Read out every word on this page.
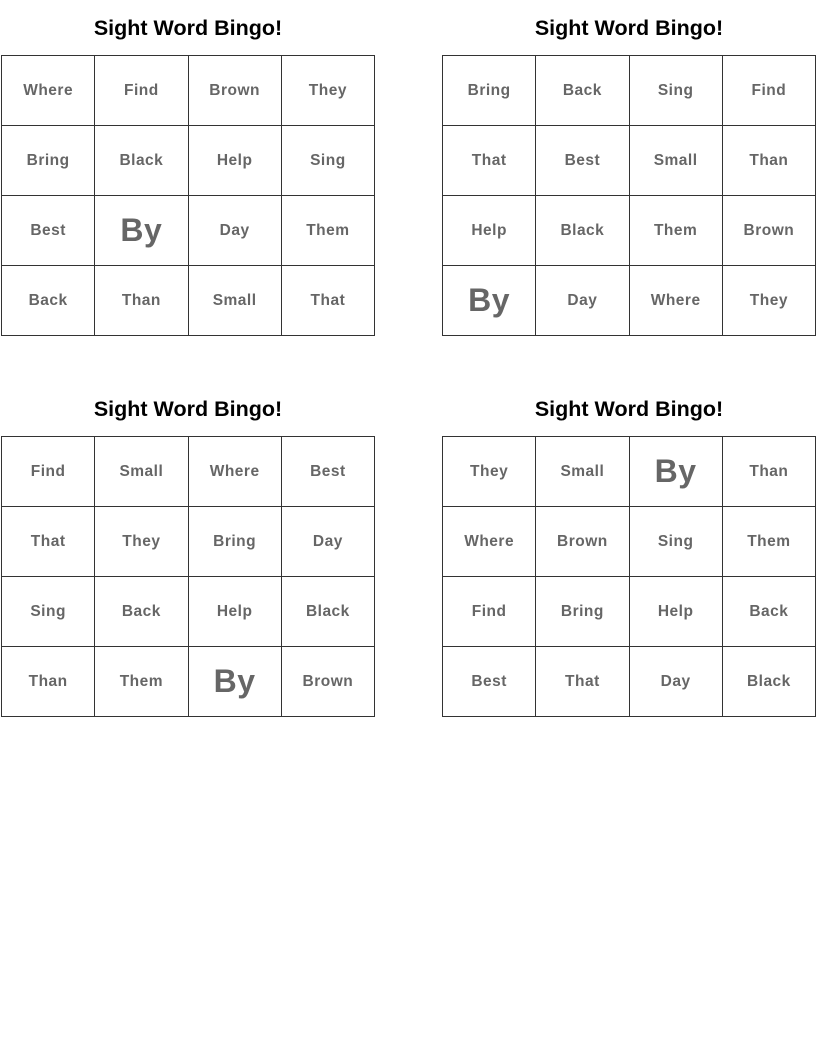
Sight Word Bingo!
Where	Find	Brown	They
Bring	Black	Help	Sing
Best	By	Day	Them
Back	Than	Small	That
Sight Word Bingo!
Bring	Back	Sing	Find
That	Best	Small	Than
Help	Black	Them	Brown
By	Day	Where	They
Sight Word Bingo!
Find	Small	Where	Best
That	They	Bring	Day
Sing	Back	Help	Black
Than	Them	By	Brown
Sight Word Bingo!
They	Small	By	Than
Where	Brown	Sing	Them
Find	Bring	Help	Back
Best	That	Day	Black
